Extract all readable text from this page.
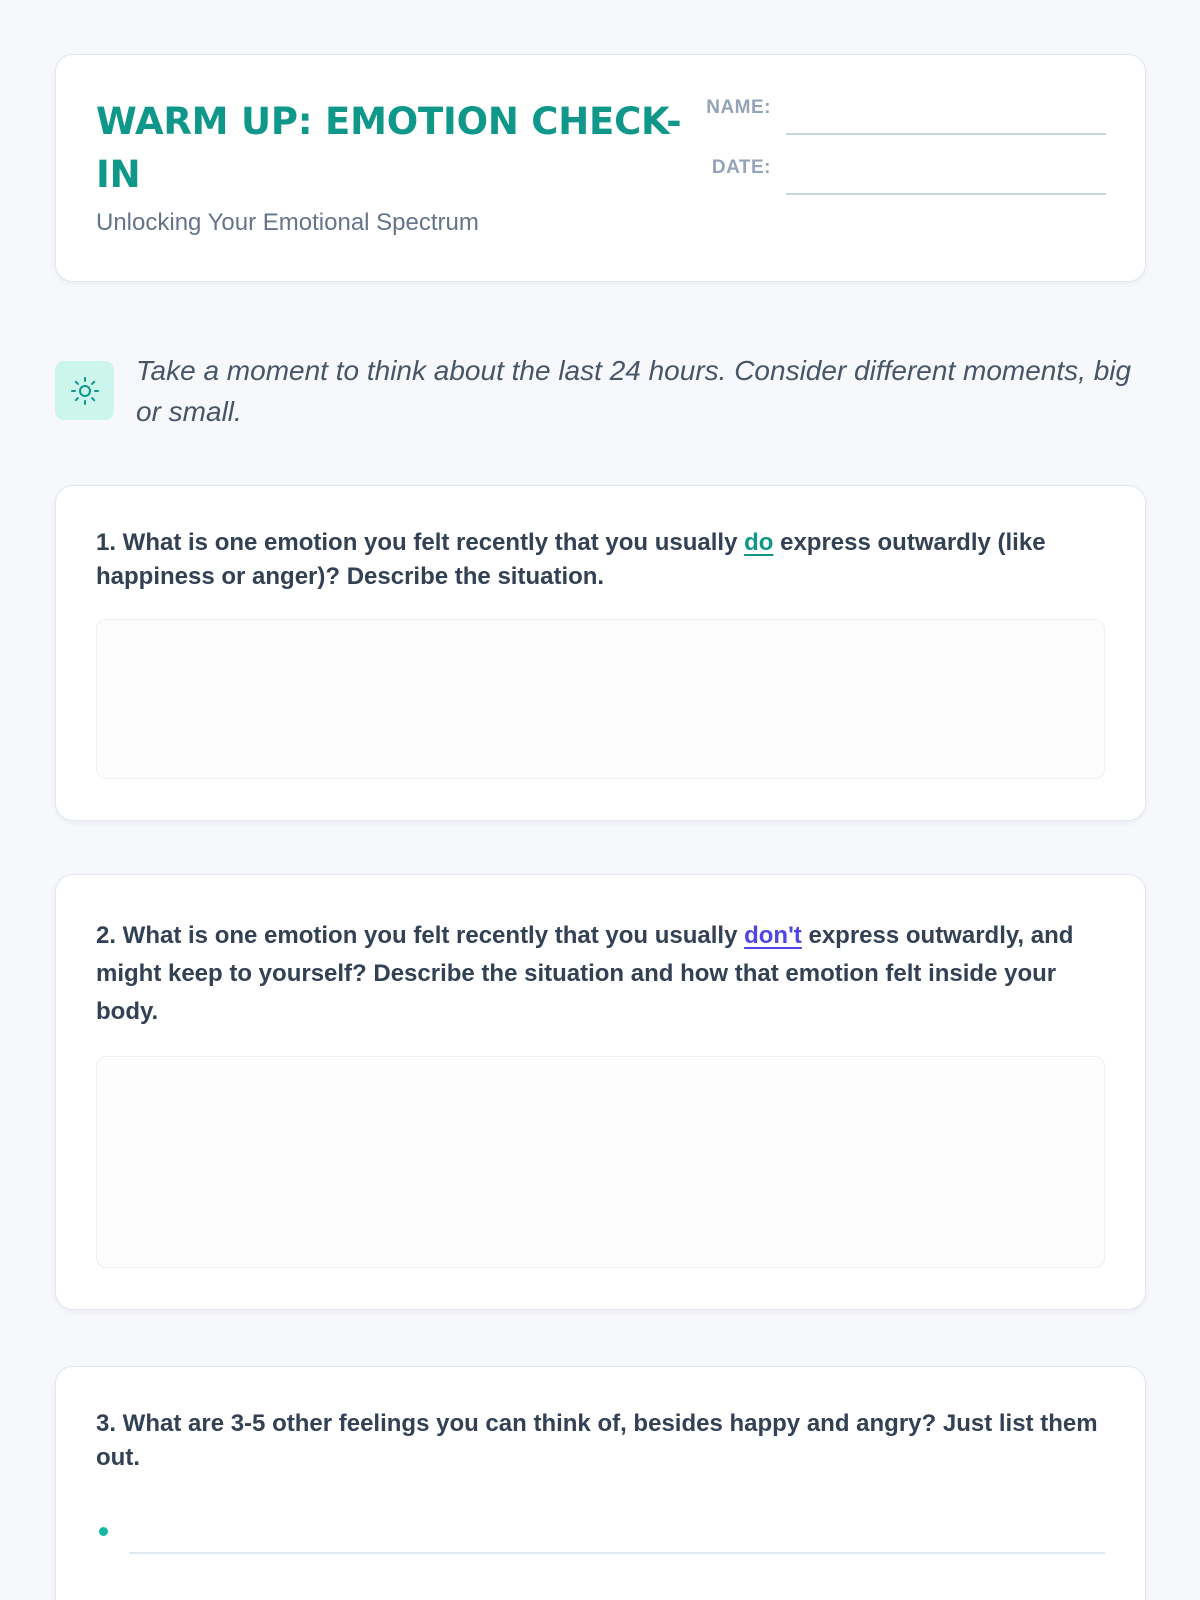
WARM UP: EMOTION CHECK-IN
Unlocking Your Emotional Spectrum
NAME:
DATE:
Take a moment to think about the last 24 hours. Consider different moments, big or small.
1. What is one emotion you felt recently that you usually do express outwardly (like happiness or anger)? Describe the situation.
2. What is one emotion you felt recently that you usually don't express outwardly, and might keep to yourself? Describe the situation and how that emotion felt inside your body.
3. What are 3-5 other feelings you can think of, besides happy and angry? Just list them out.
